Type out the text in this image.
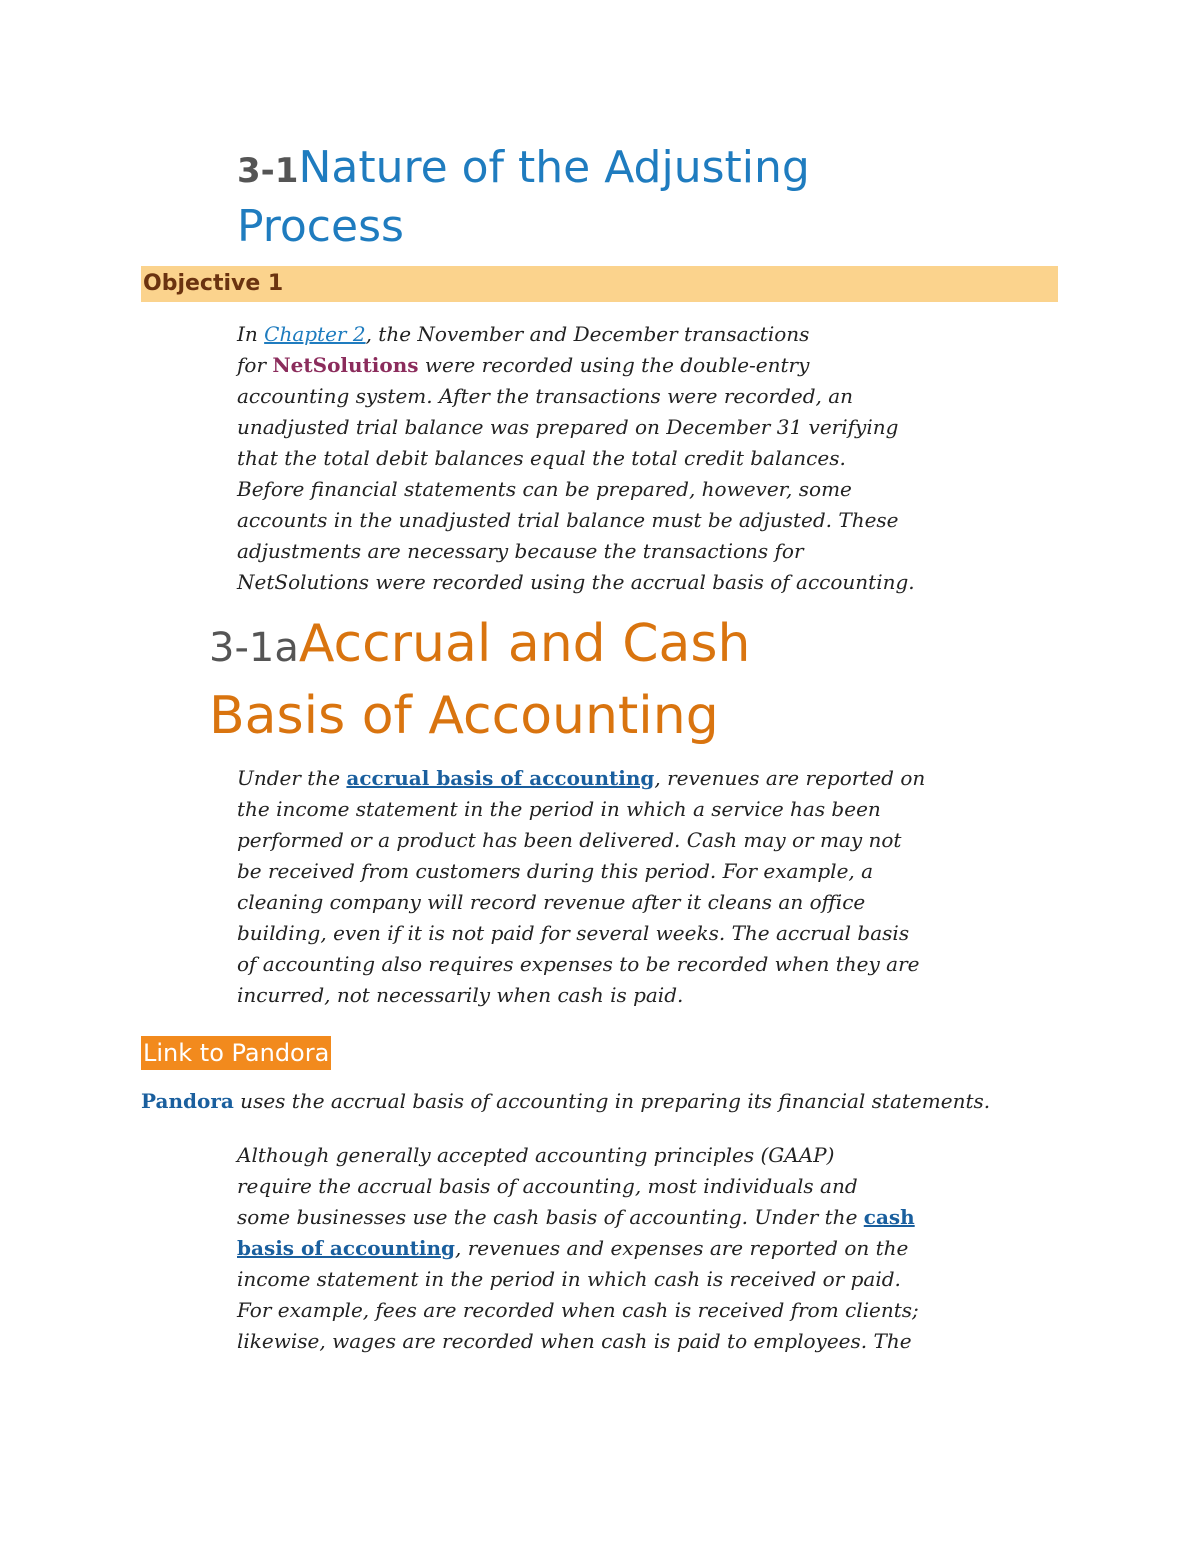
3-1Nature of the Adjusting
Process
Objective 1

In Chapter 2, the November and December transactions
for NetSolutions were recorded using the double-entry
accounting system. After the transactions were recorded, an
unadjusted trial balance was prepared on December 31 verifying
that the total debit balances equal the total credit balances.
Before financial statements can be prepared, however, some
accounts in the unadjusted trial balance must be adjusted. These
adjustments are necessary because the transactions for
NetSolutions were recorded using the accrual basis of accounting.

3-1aAccrual and Cash
Basis of Accounting

Under the accrual basis of accounting, revenues are reported on
the income statement in the period in which a service has been
performed or a product has been delivered. Cash may or may not
be received from customers during this period. For example, a
cleaning company will record revenue after it cleans an office
building, even if it is not paid for several weeks. The accrual basis
of accounting also requires expenses to be recorded when they are
incurred, not necessarily when cash is paid.

Link to Pandora

Pandora uses the accrual basis of accounting in preparing its financial statements.

Although generally accepted accounting principles (GAAP)
require the accrual basis of accounting, most individuals and
some businesses use the cash basis of accounting. Under the cash
basis of accounting, revenues and expenses are reported on the
income statement in the period in which cash is received or paid.
For example, fees are recorded when cash is received from clients;
likewise, wages are recorded when cash is paid to employees. The
